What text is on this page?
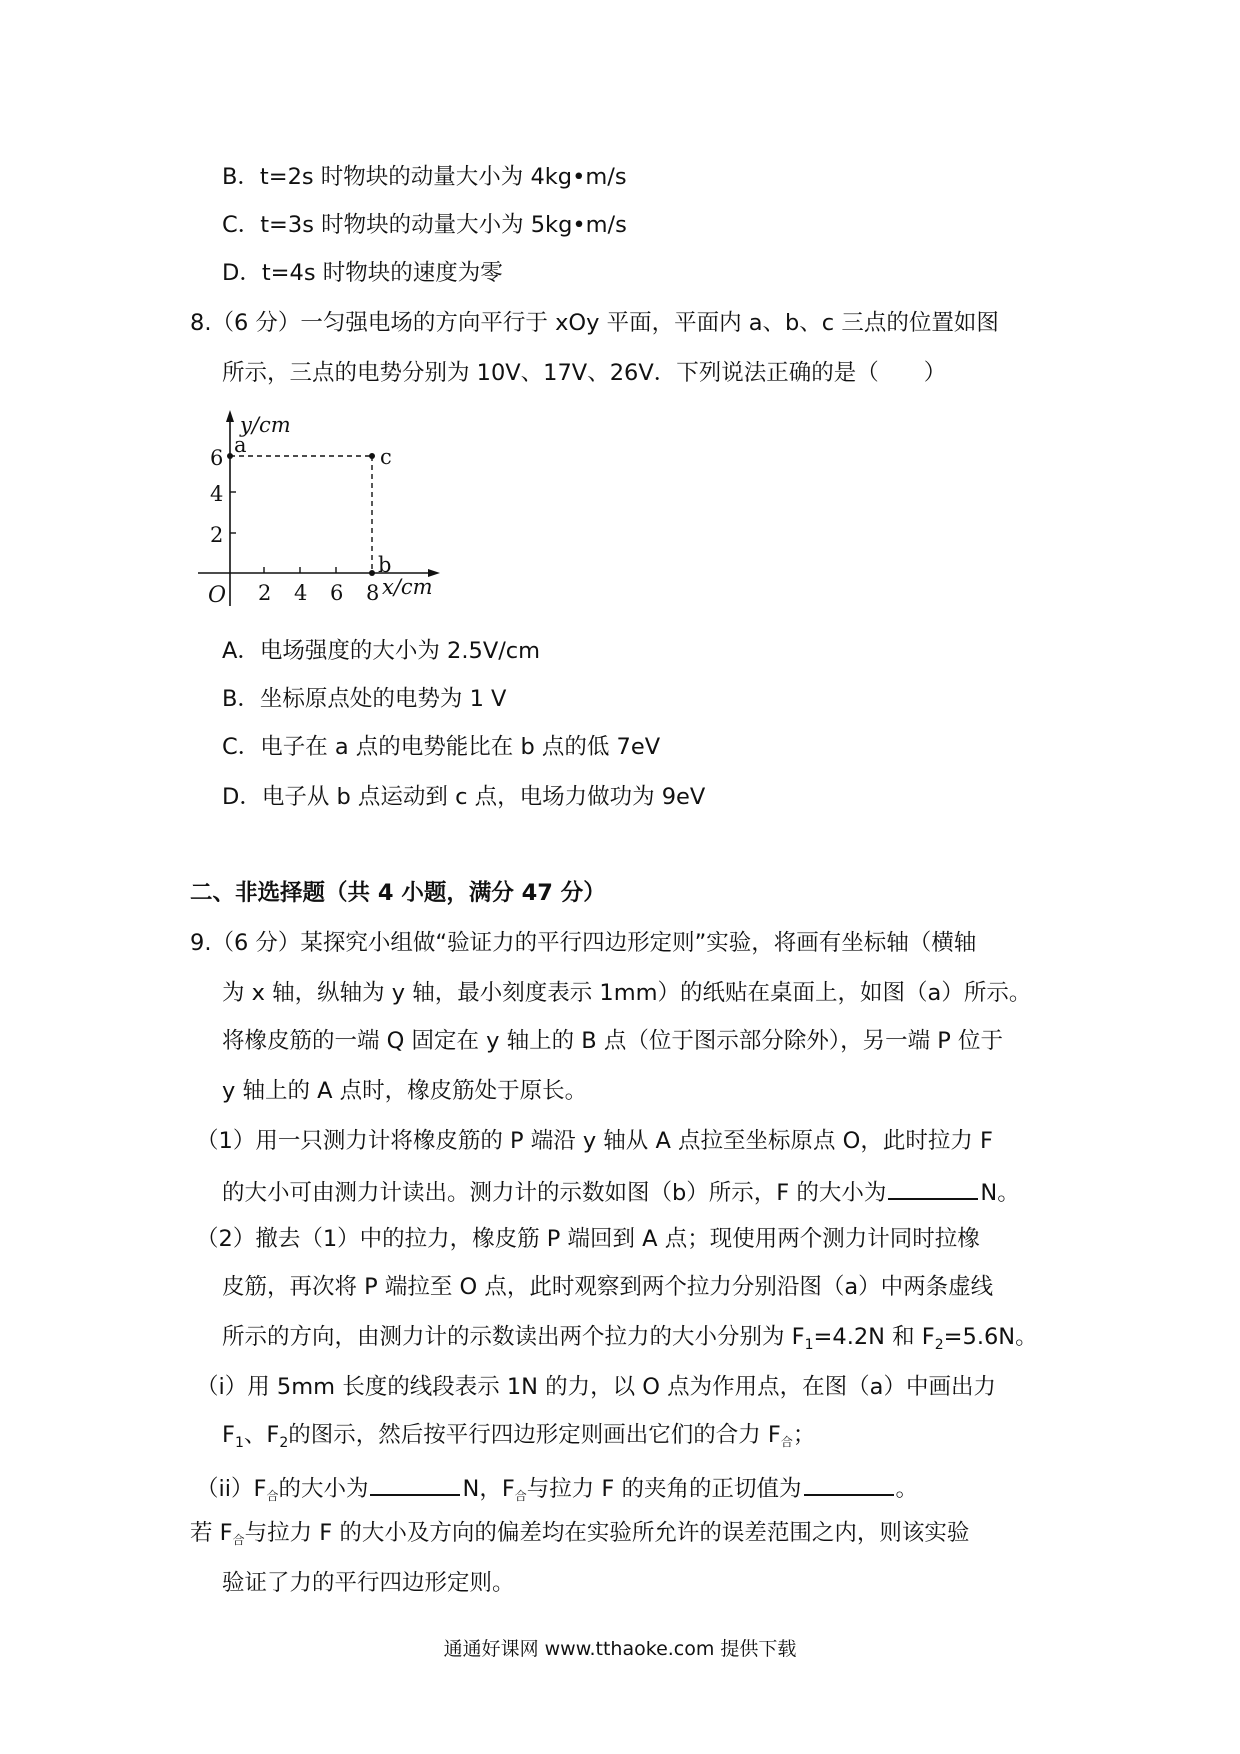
B．t=2s 时物块的动量大小为 4kg•m/s
C．t=3s 时物块的动量大小为 5kg•m/s
D．t=4s 时物块的速度为零
8.（6 分）一匀强电场的方向平行于 xOy 平面，平面内 a、b、c 三点的位置如图
所示，三点的电势分别为 10V、17V、26V．下列说法正确的是（　　）
y/cm
x/cm
O
6
4
2
2 4 6 8
a
b
c
A．电场强度的大小为 2.5V/cm
B．坐标原点处的电势为 1 V
C．电子在 a 点的电势能比在 b 点的低 7eV
D．电子从 b 点运动到 c 点，电场力做功为 9eV
二、非选择题（共 4 小题，满分 47 分）
9.（6 分）某探究小组做“验证力的平行四边形定则”实验，将画有坐标轴（横轴
为 x 轴，纵轴为 y 轴，最小刻度表示 1mm）的纸贴在桌面上，如图（a）所示。
将橡皮筋的一端 Q 固定在 y 轴上的 B 点（位于图示部分除外），另一端 P 位于
y 轴上的 A 点时，橡皮筋处于原长。
（1）用一只测力计将橡皮筋的 P 端沿 y 轴从 A 点拉至坐标原点 O，此时拉力 F
的大小可由测力计读出。测力计的示数如图（b）所示，F 的大小为	N。
（2）撤去（1）中的拉力，橡皮筋 P 端回到 A 点；现使用两个测力计同时拉橡
皮筋，再次将 P 端拉至 O 点，此时观察到两个拉力分别沿图（a）中两条虚线
所示的方向，由测力计的示数读出两个拉力的大小分别为 $F_1=4.2N$ 和 $F_2=5.6N$。
（i）用 5mm 长度的线段表示 1N 的力，以 O 点为作用点，在图（a）中画出力
$F_1$、$F_2$的图示，然后按平行四边形定则画出它们的合力 F合；
（ii）F合的大小为	N，F合与拉力 F 的夹角的正切值为	。
若 F合与拉力 F 的大小及方向的偏差均在实验所允许的误差范围之内，则该实验
验证了力的平行四边形定则。
通通好课网 www.tthaoke.com 提供下载
